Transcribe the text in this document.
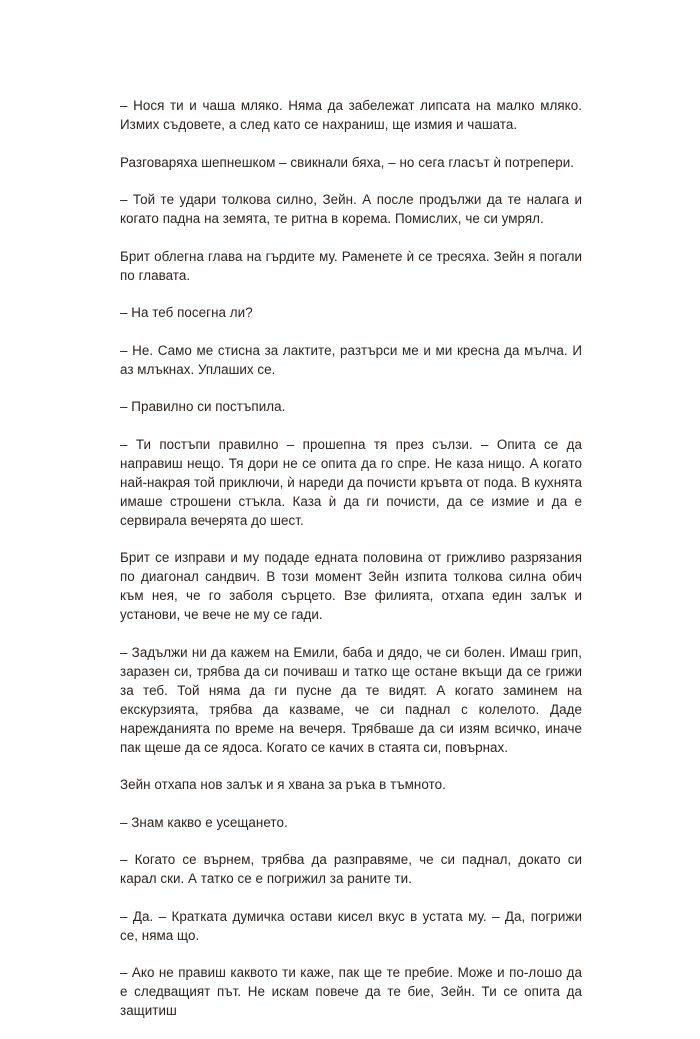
– Нося ти и чаша мляко. Няма да забележат липсата на малко мляко. Измих съдовете, а след като се нахраниш, ще измия и чашата.

Разговаряха шепнешком – свикнали бяха, – но сега гласът ѝ потрепери.

– Той те удари толкова силно, Зейн. А после продължи да те налага и когато падна на земята, те ритна в корема. Помислих, че си умрял.

Брит облегна глава на гърдите му. Раменете ѝ се тресяха. Зейн я погали по главата.

– На теб посегна ли?

– Не. Само ме стисна за лактите, разтърси ме и ми кресна да мълча. И аз млъкнах. Уплаших се.

– Правилно си постъпила.

– Ти постъпи правилно – прошепна тя през сълзи. – Опита се да направиш нещо. Тя дори не се опита да го спре. Не каза нищо. А когато най-накрая той приключи, ѝ нареди да почисти кръвта от пода. В кухнята имаше строшени стъкла. Каза ѝ да ги почисти, да се измие и да е сервирала вечерята до шест.

Брит се изправи и му подаде едната половина от грижливо разрязания по диагонал сандвич. В този момент Зейн изпита толкова силна обич към нея, че го заболя сърцето. Взе филията, отхапа един залък и установи, че вече не му се гади.

– Задължи ни да кажем на Емили, баба и дядо, че си болен. Имаш грип, заразен си, трябва да си почиваш и татко ще остане вкъщи да се грижи за теб. Той няма да ги пусне да те видят. А когато заминем на екскурзията, трябва да казваме, че си паднал с колелото. Даде нарежданията по време на вечеря. Трябваше да си изям всичко, иначе пак щеше да се ядоса. Когато се качих в стаята си, повърнах.

Зейн отхапа нов залък и я хвана за ръка в тъмното.

– Знам какво е усещането.

– Когато се върнем, трябва да разправяме, че си паднал, докато си карал ски. А татко се е погрижил за раните ти.

– Да. – Кратката думичка остави кисел вкус в устата му. – Да, погрижи се, няма що.

– Ако не правиш каквото ти каже, пак ще те пребие. Може и по-лошо да е следващият път. Не искам повече да те бие, Зейн. Ти се опита да защитиш
